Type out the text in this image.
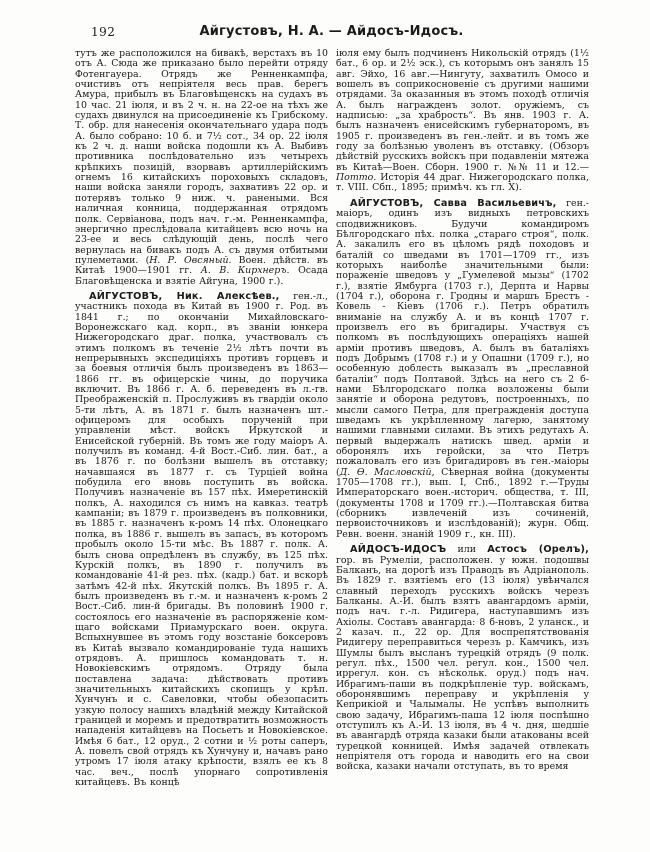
192	Айгустовъ, Н. А. — Айдосъ-Идосъ.

тутъ же расположился на бивакѣ, верстахъ въ 10 отъ А. Сюда же приказано было перейти отряду Фотенгауера. Отрядъ же Ренненкампфа, очистивъ отъ непріятеля весь прав. берегъ Амура, прибылъ въ Благовѣщенскъ на судахъ въ 10 час. 21 іюля, и въ 2 ч. н. на 22-ое на тѣхъ же судахъ двинулся на присоединеніе къ Грибскому. Т. обр. для нанесенія окончательнаго удара подъ А. было собрано: 10 б. и 7½ сот., 34 ор. 22 іюля къ 2 ч. д. наши войска подошли къ А. Выбивъ противника послѣдовательно изъ четырехъ крѣпкихъ позицій, взорвавъ артиллерійскимъ огнемъ 16 китайскихъ пороховыхъ складовъ, наши войска заняли городъ, захвативъ 22 ор. и потерявъ только 9 ниж. ч. ранеными. Вся наличная конница, поддержанная отрядомъ полк. Сервіанова, подъ нач. г.-м. Ренненкампфа, энергично преслѣдовала китайцевъ всю ночь на 23-ее и весь слѣдующій день, послѣ чего вернулась на бивакъ подъ А. съ двумя отбитыми пулеметами. (Н. Р. Овсяный. Воен. дѣйств. въ Китаѣ 1900—1901 гг. А. В. Кирхнеръ. Осада Благовѣщенска и взятіе Айгуна, 1900 г.).

АЙГУСТОВЪ, Ник. Алексѣев., ген.-л., участникъ похода въ Китай въ 1900 г. Род. въ 1841 г.; по окончаніи Михайловскаго-Воронежскаго кад. корп., въ званіи юнкера Нижегородскаго драг. полка, участвовалъ съ этимъ полкомъ въ теченіе 2½ лѣтъ почти въ непрерывныхъ экспедиціяхъ противъ горцевъ и за боевыя отличія былъ произведенъ въ 1863—1866 гг. въ офицерскіе чины, до поручика включит. Въ 1866 г. А. б. переведенъ въ л.-гв. Преображенскій п. Прослуживъ въ гвардіи около 5-ти лѣтъ, А. въ 1871 г. былъ назначенъ шт.-офицеромъ для особыхъ порученій при управленіи мѣст. войскъ Иркутской и Енисейской губерній. Въ томъ же году маіоръ А. получилъ въ команд. 4-й Вост.-Сиб. лин. бат., а въ 1876 г. по болѣзни вышелъ въ отставку; начавшаяся въ 1877 г. съ Турціей война побудила его вновь поступить въ войска. Получивъ назначеніе въ 157 пѣх. Имеретинскій полкъ, А. находился съ нимъ на кавказ. театрѣ кампаніи; въ 1879 г. произведенъ въ полковники, въ 1885 г. назначенъ к-ромъ 14 пѣх. Олонецкаго полка, въ 1886 г. вышелъ въ запасъ, въ которомъ пробылъ около 15-ти мѣс. Въ 1887 г. полк. А. былъ снова опредѣленъ въ службу, въ 125 пѣх. Курскій полкъ, въ 1890 г. получилъ въ командованіе 41-й рез. пѣх. (кадр.) бат. и вскорѣ затѣмъ 42-й пѣх. Якутскій полкъ. Въ 1895 г. А. былъ произведенъ въ г.-м. и назначенъ к-ромъ 2 Вост.-Сиб. лин-й бригады. Въ половинѣ 1900 г. состоялось его назначеніе въ распоряженіе ком-щаго войсками Приамурскаго воен. округа. Вспыхнувшее въ этомъ году возстаніе боксеровъ въ Китаѣ вызвало командированіе туда нашихъ отрядовъ. А. пришлось командовать т. н. Новокіевскимъ отрядомъ. Отряду была поставлена задача: дѣйствовать противъ значительныхъ китайскихъ скопищъ у крѣп. Хунчунъ и с. Савеловки, чтобы обезопасить узкую полосу нашихъ владѣній между Китайской границей и моремъ и предотвратить возможность нападенія китайцевъ на Посьетъ и Новокіевское. Имѣя 6 бат., 12 оруд., 2 сотни и ½ роты саперъ, А. повелъ свой отрядъ къ Хунчуну и, начавъ рано утромъ 17 іюля атаку крѣпости, взялъ ее къ 8 час. веч., послѣ упорнаго сопротивленія китайцевъ. Въ концѣ

іюля ему былъ подчиненъ Никольскій отрядъ (1½ бат., 6 ор. и 2½ эск.), съ которымъ онъ занялъ 15 авг. Эйхо, 16 авг.—Нингуту, захватилъ Омосо и вошелъ въ соприкосновеніе съ другими нашими отрядами. За оказанныя въ этомъ походѣ отличія А. былъ награжденъ золот. оружіемъ, съ надписью: „за храбрость“. Въ янв. 1903 г. А. былъ назначенъ енисейскимъ губернаторомъ, въ 1905 г. произведенъ въ ген.-лейт. и въ томъ же году за болѣзнью уволенъ въ отставку. (Обзоръ дѣйствій русскихъ войскъ при подавленіи мятежа въ Китаѣ—Воен. Сборн. 1900 г. №№ 11 и 12.—Потто. Исторія 44 драг. Нижегородскаго полка, т. VIII. Сбп., 1895; примѣч. къ гл. X).

АЙГУСТОВЪ, Савва Васильевичъ, ген.-маіоръ, одинъ изъ видныхъ петровскихъ сподвижниковъ. Будучи командиромъ Бѣлгородскаго пѣх. полка „стараго строя“, полк. А. закалилъ его въ цѣломъ рядѣ походовъ и баталій со шведами въ 1701—1709 гг., изъ которыхъ наиболѣе значительными были: пораженіе шведовъ у „Гумелевой мызы“ (1702 г.), взятіе Ямбурга (1703 г.), Дерпта и Нарвы (1704 г.), оборона г. Гродны и маршъ Брестъ - Ковель - Кіевъ (1706 г.). Петръ обратилъ вниманіе на службу А. и въ концѣ 1707 г. произвелъ его въ бригадиры. Участвуя съ полкомъ въ послѣдующихъ операціяхъ нашей арміи противъ шведовъ, А. былъ въ баталіяхъ подъ Добрымъ (1708 г.) и у Опашни (1709 г.), но особенную доблесть выказалъ въ „преславной баталіи“ подъ Полтавой. Здѣсь на него съ 2 б-нами Бѣлгородскаго полка возложены были занятіе и оборона редутовъ, построенныхъ, по мысли самого Петра, для прегражденія доступа шведамъ къ укрѣпленному лагерю, занятому нашими главными силами. Въ этихъ редутахъ А. первый выдержалъ натискъ швед. арміи и оборонялъ ихъ геройски, за что Петръ пожаловалъ его изъ бригадировъ въ ген.-маіоры (Д. Ѳ. Масловскій, Сѣверная война (документы 1705—1708 гг.), вып. I, Спб., 1892 г.—Труды Императорскаго воен.-историч. общества, т. III, (документы 1708 и 1709 гг.).—Полтавская битва (сборникъ извлеченій изъ сочиненій, первоисточниковъ и изслѣдованій); журн. Общ. Ревн. военн. знаній 1909 г., кн. III).

АЙДОСЪ-ИДОСЪ или Астосъ (Орелъ), гор. въ Румеліи, расположен. у южн. подошвы Балканъ, на дорогѣ изъ Праводъ въ Адріанополь. Въ 1829 г. взятіемъ его (13 іюля) увѣнчался славный переходъ русскихъ войскъ черезъ Балканы. А.-И. былъ взятъ авангардомъ арміи, подъ нач. г.-л. Ридигера, наступавшимъ изъ Ахіолы. Составъ авангарда: 8 б-новъ, 2 уланск., и 2 казач. п., 22 ор. Для воспрепятствованія Ридигеру переправиться черезъ р. Камчикъ, изъ Шумлы былъ высланъ турецкій отрядъ (9 полк. регул. пѣх., 1500 чел. регул. кон., 1500 чел. иррегул. кон. съ нѣскольк. оруд.) подъ нач. Ибрагимъ-паши въ подкрѣпленіе тур. войскамъ, оборонявшимъ переправу и укрѣпленія у Кеприкіой и Чалымалы. Не успѣвъ выполнить свою задачу, Ибрагимъ-паша 12 іюля поспѣшно отступилъ къ А.-И. 13 іюля, въ 4 ч. дня, шедшіе въ авангардѣ отряда казаки были атакованы всей турецкой конницей. Имѣя задачей отвлекать непріятеля отъ города и наводить его на свои войска, казаки начали отступать, въ то время
